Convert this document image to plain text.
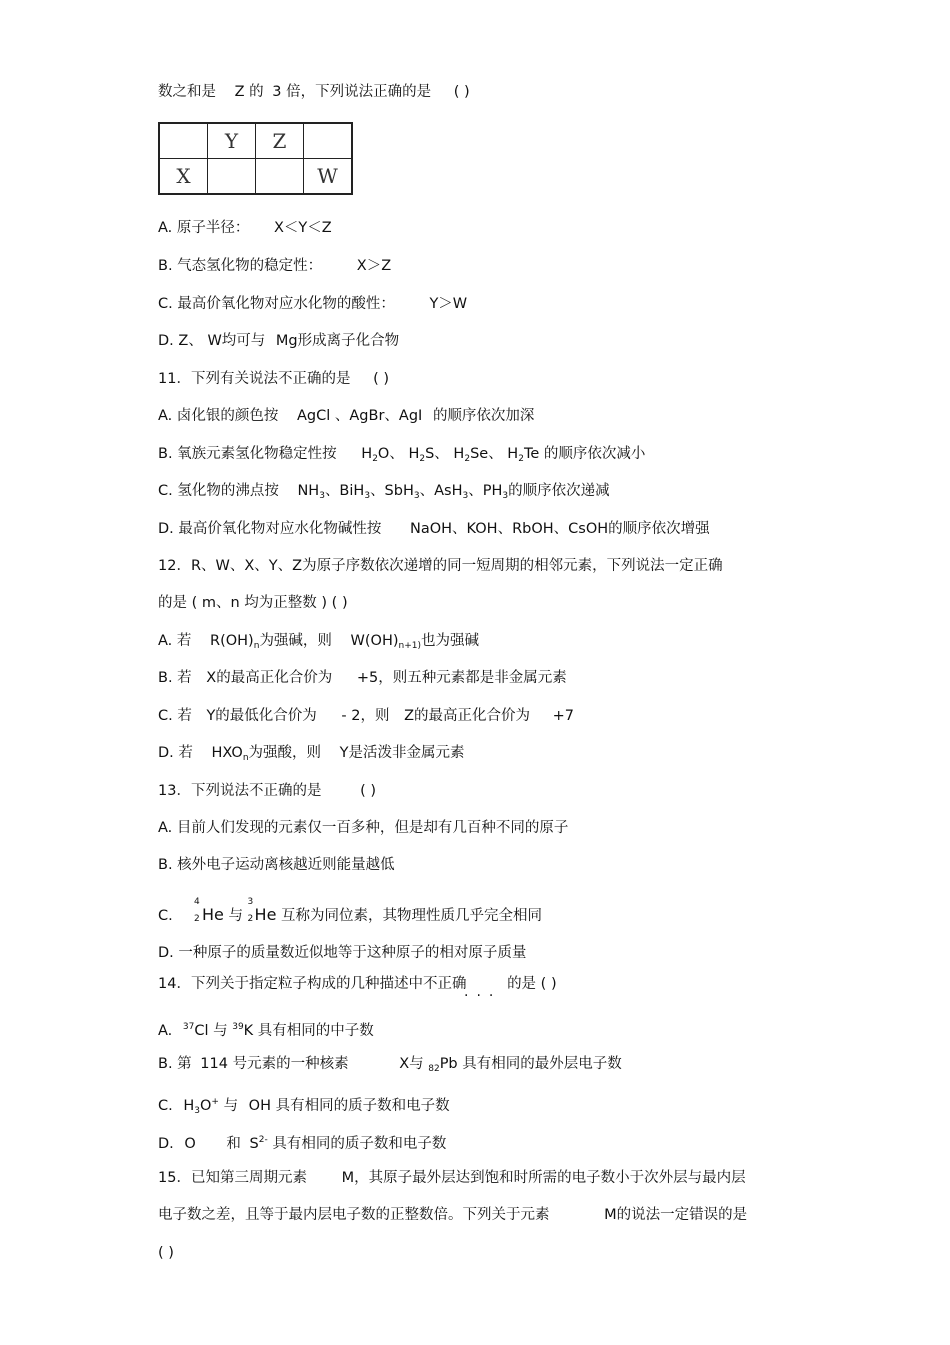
数之和是 Z 的 3 倍，下列说法正确的是 ( )
	Y	Z	
X			W
A. 原子半径： X＜Y＜Z
B. 气态氢化物的稳定性： X＞Z
C. 最高价氧化物对应水化物的酸性： Y＞W
D. Z、 W均可与 Mg形成离子化合物
11．下列有关说法不正确的是 ( )
A. 卤化银的颜色按 AgCl 、AgBr、AgI 的顺序依次加深
B. 氧族元素氢化物稳定性按 $H_2O$、 $H_2S$、 $H_2Se$、 $H_2Te$ 的顺序依次减小
C. 氢化物的沸点按 $NH_3$、BiH$_3$、SbH$_3$、AsH$_3$、$PH_3$的顺序依次递减
D. 最高价氧化物对应水化物碱性按 NaOH、KOH、RbOH、CsOH的顺序依次增强
12．R、W、X、Y、Z为原子序数依次递增的同一短周期的相邻元素，下列说法一定正确
的是 ( m、n 均为正整数 ) ( )
A. 若 $R(OH)_n$为强碱，则 $W(OH)_{n+1)}$也为强碱
B. 若 X的最高正化合价为 +5，则五种元素都是非金属元素
C. 若 Y的最低化合价为 - 2，则 Z的最高正化合价为 +7
D. 若 $HXO_n$为强酸，则 Y是活泼非金属元素
13．下列说法不正确的是	( )
A. 目前人们发现的元素仅一百多种，但是却有几百种不同的原子
B. 核外电子运动离核越近则能量越低
C.
4
2 He 与
3
2 He 互称为同位素，其物理性质几乎完全相同
D. 一种原子的质量数近似地等于这种原子的相对原子质量
14．下列关于指定粒子构成的几种描述中不正确	的是 ( )
...
A. $^{37}$Cl 与 $^{39}$K 具有相同的中子数
B. 第 114 号元素的一种核素	X与 $_{82}$Pb 具有相同的最外层电子数
C. $H_3O^+$ 与 OH 具有相同的质子数和电子数
D. O 和 $S^{2-}$ 具有相同的质子数和电子数
15．已知第三周期元素 M，其原子最外层达到饱和时所需的电子数小于次外层与最内层
电子数之差，且等于最内层电子数的正整数倍。下列关于元素	M的说法一定错误的是
( )
